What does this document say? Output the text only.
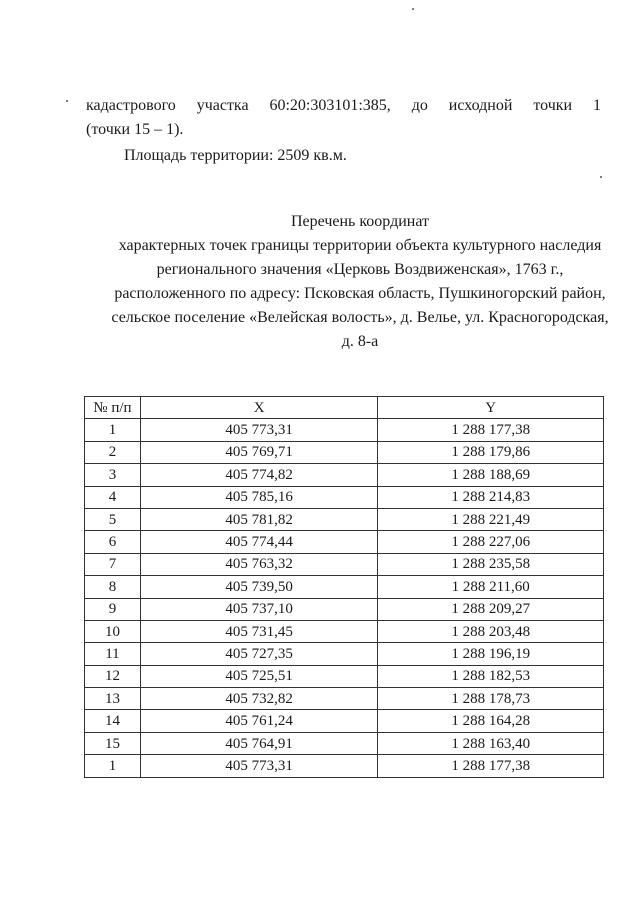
кадастрового участка 60:20:303101:385, до исходной точки 1
(точки 15 – 1).
Площадь территории: 2509 кв.м.
Перечень координат
характерных точек границы территории объекта культурного наследия
регионального значения «Церковь Воздвиженская», 1763 г.,
расположенного по адресу: Псковская область, Пушкиногорский район,
сельское поселение «Велейская волость», д. Велье, ул. Красногородская,
д. 8-а
№ п/п	X	Y
1	405 773,31	1 288 177,38
2	405 769,71	1 288 179,86
3	405 774,82	1 288 188,69
4	405 785,16	1 288 214,83
5	405 781,82	1 288 221,49
6	405 774,44	1 288 227,06
7	405 763,32	1 288 235,58
8	405 739,50	1 288 211,60
9	405 737,10	1 288 209,27
10	405 731,45	1 288 203,48
11	405 727,35	1 288 196,19
12	405 725,51	1 288 182,53
13	405 732,82	1 288 178,73
14	405 761,24	1 288 164,28
15	405 764,91	1 288 163,40
1	405 773,31	1 288 177,38
